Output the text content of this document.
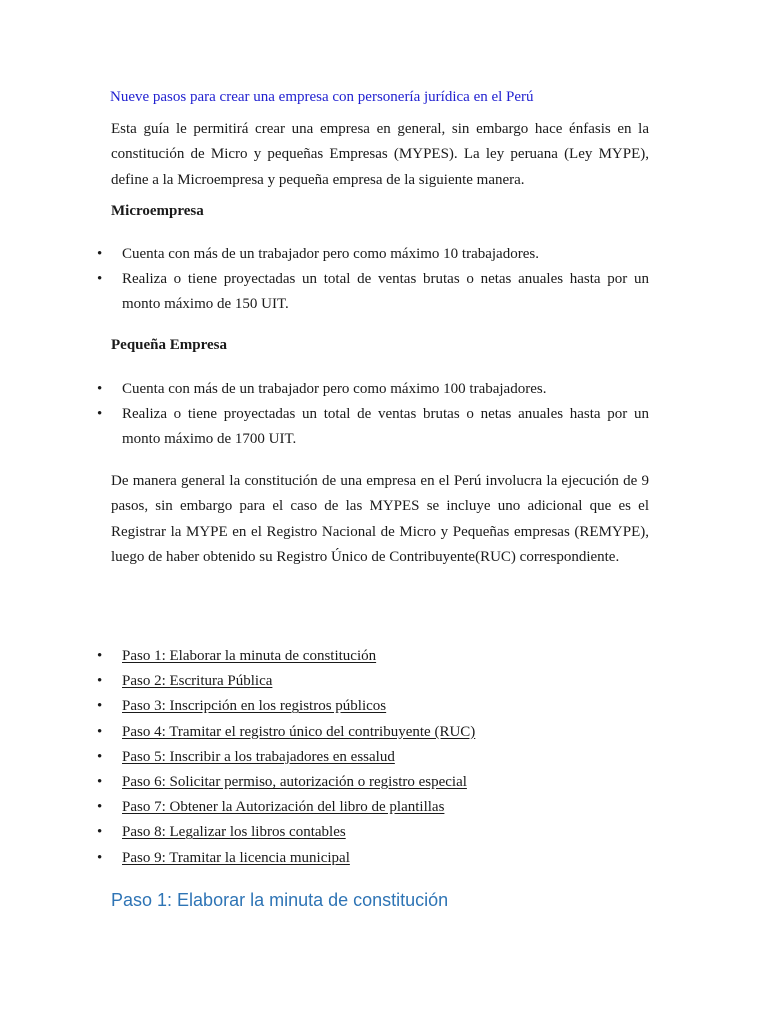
Nueve pasos para crear una empresa con personería jurídica en el Perú

Esta guía le permitirá crear una empresa en general, sin embargo hace énfasis en la constitución de Micro y pequeñas Empresas (MYPES). La ley peruana (Ley MYPE), define a la Microempresa y pequeña empresa de la siguiente manera.

Microempresa
• Cuenta con más de un trabajador pero como máximo 10 trabajadores.
• Realiza o tiene proyectadas un total de ventas brutas o netas anuales hasta por un monto máximo de 150 UIT.
Pequeña Empresa
• Cuenta con más de un trabajador pero como máximo 100 trabajadores.
• Realiza o tiene proyectadas un total de ventas brutas o netas anuales hasta por un monto máximo de 1700 UIT.

De manera general la constitución de una empresa en el Perú involucra la ejecución de 9 pasos, sin embargo para el caso de las MYPES se incluye uno adicional que es el Registrar la MYPE en el Registro Nacional de Micro y Pequeñas empresas (REMYPE), luego de haber obtenido su Registro Único de Contribuyente(RUC) correspondiente.

• Paso 1: Elaborar la minuta de constitución
• Paso 2: Escritura Pública
• Paso 3: Inscripción en los registros públicos
• Paso 4: Tramitar el registro único del contribuyente (RUC)
• Paso 5: Inscribir a los trabajadores en essalud
• Paso 6: Solicitar permiso, autorización o registro especial
• Paso 7: Obtener la Autorización del libro de plantillas
• Paso 8: Legalizar los libros contables
• Paso 9: Tramitar la licencia municipal
Paso 1: Elaborar la minuta de constitución
